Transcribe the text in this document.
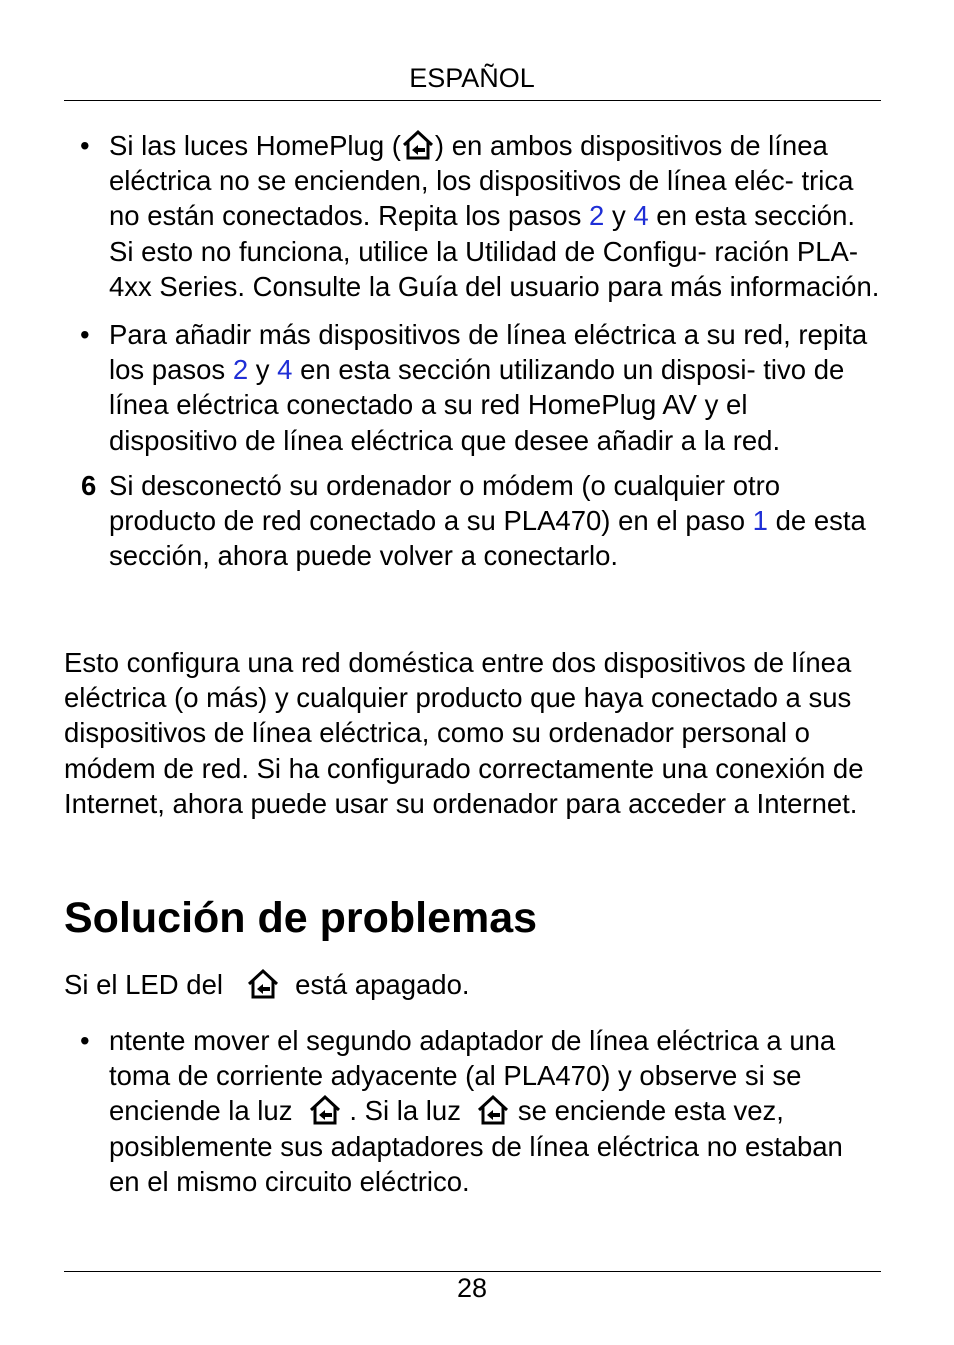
ESPAÑOL
• Si las luces HomePlug ( ) en ambos dispositivos de línea eléctrica no se encienden, los dispositivos de línea eléc- trica no están conectados. Repita los pasos 2 y 4 en esta sección. Si esto no funciona, utilice la Utilidad de Configu- ración PLA-4xx Series. Consulte la Guía del usuario para más información.
• Para añadir más dispositivos de línea eléctrica a su red, repita los pasos 2 y 4 en esta sección utilizando un disposi- tivo de línea eléctrica conectado a su red HomePlug AV y el dispositivo de línea eléctrica que desee añadir a la red.
6 Si desconectó su ordenador o módem (o cualquier otro producto de red conectado a su PLA470) en el paso 1 de esta sección, ahora puede volver a conectarlo.
Esto configura una red doméstica entre dos dispositivos de línea eléctrica (o más) y cualquier producto que haya conectado a sus dispositivos de línea eléctrica, como su ordenador personal o módem de red. Si ha configurado correctamente una conexión de Internet, ahora puede usar su ordenador para acceder a Internet.
Solución de problemas
Si el LED del
está apagado.
• ntente mover el segundo adaptador de línea eléctrica a una toma de corriente adyacente (al PLA470) y observe si se enciende la luz
. Si la luz
se enciende esta vez, posiblemente sus adaptadores de línea eléctrica no estaban en el mismo circuito eléctrico.
28
